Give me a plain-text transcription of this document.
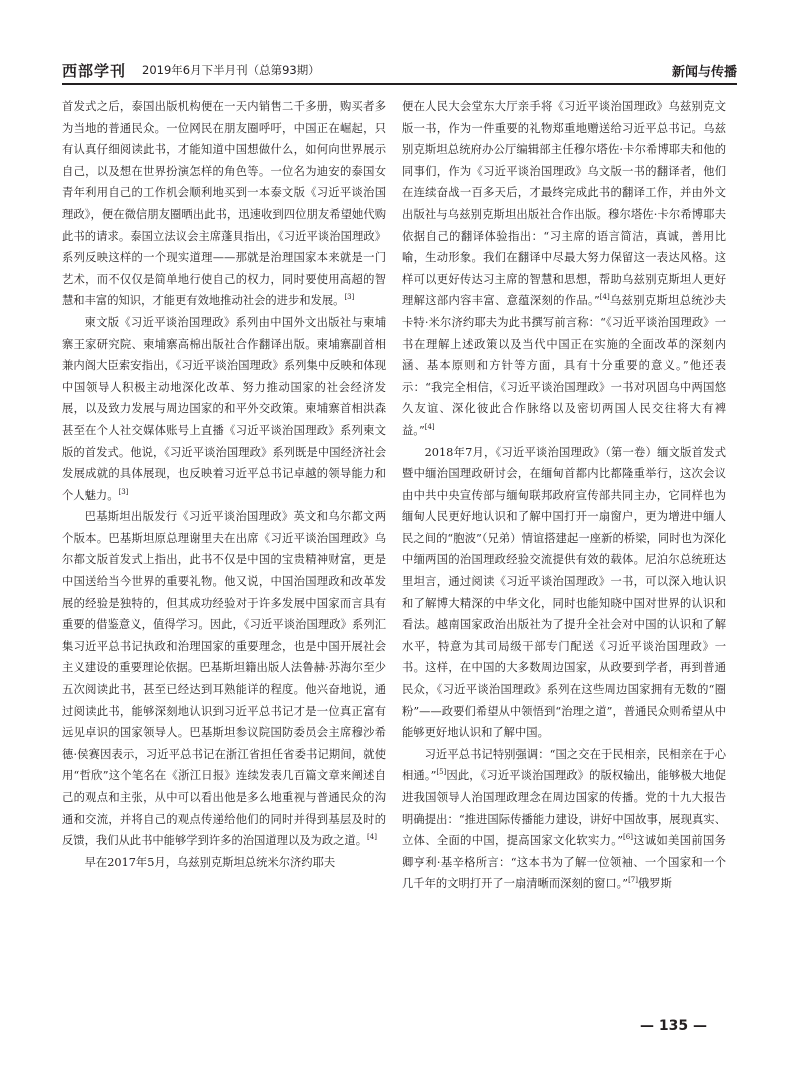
西部学刊 2019年6月下半月刊（总第93期）	新闻与传播

首发式之后，泰国出版机构便在一天内销售二千多册，购买者多为当地的普通民众。一位网民在朋友圈呼吁，中国正在崛起，只有认真仔细阅读此书，才能知道中国想做什么，如何向世界展示自己，以及想在世界扮演怎样的角色等。一位名为迪安的泰国女青年利用自己的工作机会顺利地买到一本泰文版《习近平谈治国理政》，便在微信朋友圈晒出此书，迅速收到四位朋友希望她代购此书的请求。泰国立法议会主席蓬貝指出，《习近平谈治国理政》系列反映这样的一个现实道理——那就是治理国家本来就是一门艺术，而不仅仅是简单地行使自己的权力，同时要使用高超的智慧和丰富的知识，才能更有效地推动社会的进步和发展。[3]

柬文版《习近平谈治国理政》系列由中国外文出版社与柬埔寨王家研究院、柬埔寨高棉出版社合作翻译出版。柬埔寨副首相兼内阁大臣索安指出，《习近平谈治国理政》系列集中反映和体现中国领导人积极主动地深化改革、努力推动国家的社会经济发展，以及致力发展与周边国家的和平外交政策。柬埔寨首相洪森甚至在个人社交媒体账号上直播《习近平谈治国理政》系列柬文版的首发式。他说，《习近平谈治国理政》系列既是中国经济社会发展成就的具体展现，也反映着习近平总书记卓越的领导能力和个人魅力。[3]

巴基斯坦出版发行《习近平谈治国理政》英文和乌尔都文两个版本。巴基斯坦原总理谢里夫在出席《习近平谈治国理政》乌尔都文版首发式上指出，此书不仅是中国的宝贵精神财富，更是中国送给当今世界的重要礼物。他又说，中国治国理政和改革发展的经验是独特的，但其成功经验对于许多发展中国家而言具有重要的借鉴意义，值得学习。因此，《习近平谈治国理政》系列汇集习近平总书记执政和治理国家的重要理念，也是中国开展社会主义建设的重要理论依据。巴基斯坦籍出版人法鲁赫·苏海尔至少五次阅读此书，甚至已经达到耳熟能详的程度。他兴奋地说，通过阅读此书，能够深刻地认识到习近平总书记才是一位真正富有远见卓识的国家领导人。巴基斯坦参议院国防委员会主席穆沙希德·侯赛因表示，习近平总书记在浙江省担任省委书记期间，就使用“哲欣”这个笔名在《浙江日报》连续发表几百篇文章来阐述自己的观点和主张，从中可以看出他是多么地重视与普通民众的沟通和交流，并将自己的观点传递给他们的同时并得到基层及时的反馈，我们从此书中能够学到许多的治国道理以及为政之道。[4]

早在2017年5月，乌兹别克斯坦总统米尔济约耶夫

便在人民大会堂东大厅亲手将《习近平谈治国理政》乌兹别克文版一书，作为一件重要的礼物郑重地赠送给习近平总书记。乌兹别克斯坦总统府办公厅编辑部主任穆尔塔佐·卡尔希博耶夫和他的同事们，作为《习近平谈治国理政》乌文版一书的翻译者，他们在连续奋战一百多天后，才最终完成此书的翻译工作，并由外文出版社与乌兹别克斯坦出版社合作出版。穆尔塔佐·卡尔希博耶夫依据自己的翻译体验指出：“习主席的语言简洁，真诚，善用比喻，生动形象。我们在翻译中尽最大努力保留这一表达风格。这样可以更好传达习主席的智慧和思想，帮助乌兹别克斯坦人更好理解这部内容丰富、意蕴深刻的作品。”[4]乌兹别克斯坦总统沙夫卡特·米尔济约耶夫为此书撰写前言称：“《习近平谈治国理政》一书在理解上述政策以及当代中国正在实施的全面改革的深刻内涵、基本原则和方针等方面，具有十分重要的意义。”他还表示：“我完全相信，《习近平谈治国理政》一书对巩固乌中两国悠久友谊、深化彼此合作脉络以及密切两国人民交往将大有裨益。”[4]

2018年7月，《习近平谈治国理政》（第一卷）缅文版首发式暨中缅治国理政研讨会，在缅甸首都内比都隆重举行，这次会议由中共中央宣传部与缅甸联邦政府宣传部共同主办，它同样也为缅甸人民更好地认识和了解中国打开一扇窗户，更为增进中缅人民之间的“胞波”（兄弟）情谊搭建起一座新的桥梁，同时也为深化中缅两国的治国理政经验交流提供有效的载体。尼泊尔总统班达里坦言，通过阅读《习近平谈治国理政》一书，可以深入地认识和了解博大精深的中华文化，同时也能知晓中国对世界的认识和看法。越南国家政治出版社为了提升全社会对中国的认识和了解水平，特意为其司局级干部专门配送《习近平谈治国理政》一书。这样，在中国的大多数周边国家，从政要到学者，再到普通民众，《习近平谈治国理政》系列在这些周边国家拥有无数的“圈粉”——政要们希望从中领悟到“治理之道”，普通民众则希望从中能够更好地认识和了解中国。

习近平总书记特别强调：“国之交在于民相亲，民相亲在于心相通。”[5]因此，《习近平谈治国理政》的版权输出，能够极大地促进我国领导人治国理政理念在周边国家的传播。党的十九大报告明确提出：“推进国际传播能力建设，讲好中国故事，展现真实、立体、全面的中国，提高国家文化软实力。”[6]这诚如美国前国务卿亨利·基辛格所言：“这本书为了解一位领袖、一个国家和一个几千年的文明打开了一扇清晰而深刻的窗口。”[7]俄罗斯

— 135 —
